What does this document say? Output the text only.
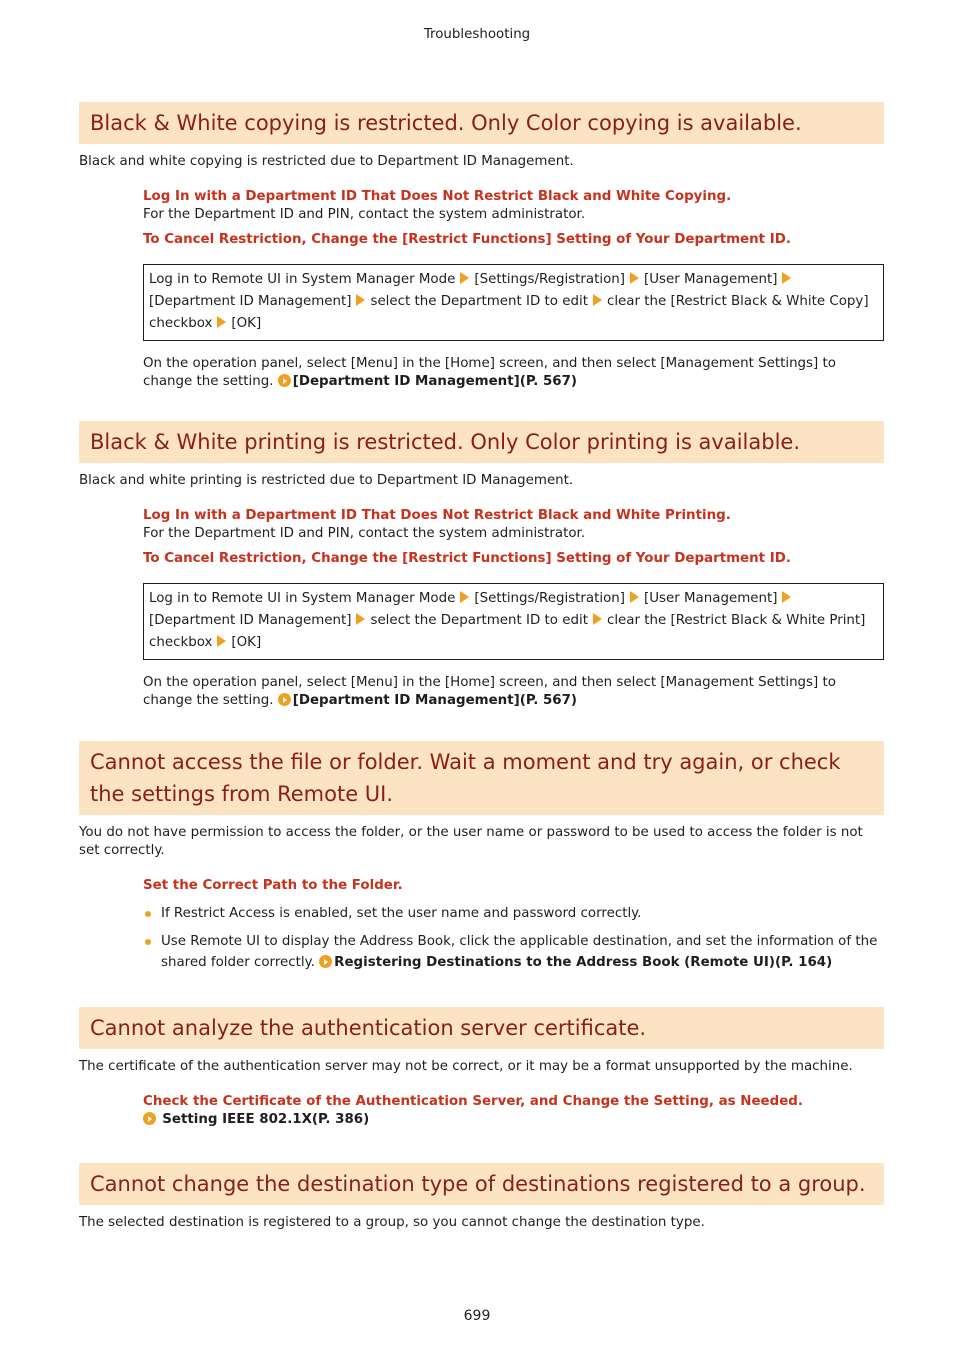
Troubleshooting
Black & White copying is restricted. Only Color copying is available.
Black and white copying is restricted due to Department ID Management.
Log In with a Department ID That Does Not Restrict Black and White Copying.
For the Department ID and PIN, contact the system administrator.
To Cancel Restriction, Change the [Restrict Functions] Setting of Your Department ID.
Log in to Remote UI in System Manager Mode [Settings/Registration] [User Management]
[Department ID Management] select the Department ID to edit clear the [Restrict Black & White Copy] checkbox [OK]
On the operation panel, select [Menu] in the [Home] screen, and then select [Management Settings] to change the setting. [Department ID Management](P. 567)
Black & White printing is restricted. Only Color printing is available.
Black and white printing is restricted due to Department ID Management.
Log In with a Department ID That Does Not Restrict Black and White Printing.
For the Department ID and PIN, contact the system administrator.
To Cancel Restriction, Change the [Restrict Functions] Setting of Your Department ID.
Log in to Remote UI in System Manager Mode [Settings/Registration] [User Management]
[Department ID Management] select the Department ID to edit clear the [Restrict Black & White Print] checkbox [OK]
On the operation panel, select [Menu] in the [Home] screen, and then select [Management Settings] to change the setting. [Department ID Management](P. 567)
Cannot access the file or folder. Wait a moment and try again, or check the settings from Remote UI.
You do not have permission to access the folder, or the user name or password to be used to access the folder is not set correctly.
Set the Correct Path to the Folder.
If Restrict Access is enabled, set the user name and password correctly.
Use Remote UI to display the Address Book, click the applicable destination, and set the information of the shared folder correctly. Registering Destinations to the Address Book (Remote UI)(P. 164)
Cannot analyze the authentication server certificate.
The certificate of the authentication server may not be correct, or it may be a format unsupported by the machine.
Check the Certificate of the Authentication Server, and Change the Setting, as Needed.
Setting IEEE 802.1X(P. 386)
Cannot change the destination type of destinations registered to a group.
The selected destination is registered to a group, so you cannot change the destination type.
699
